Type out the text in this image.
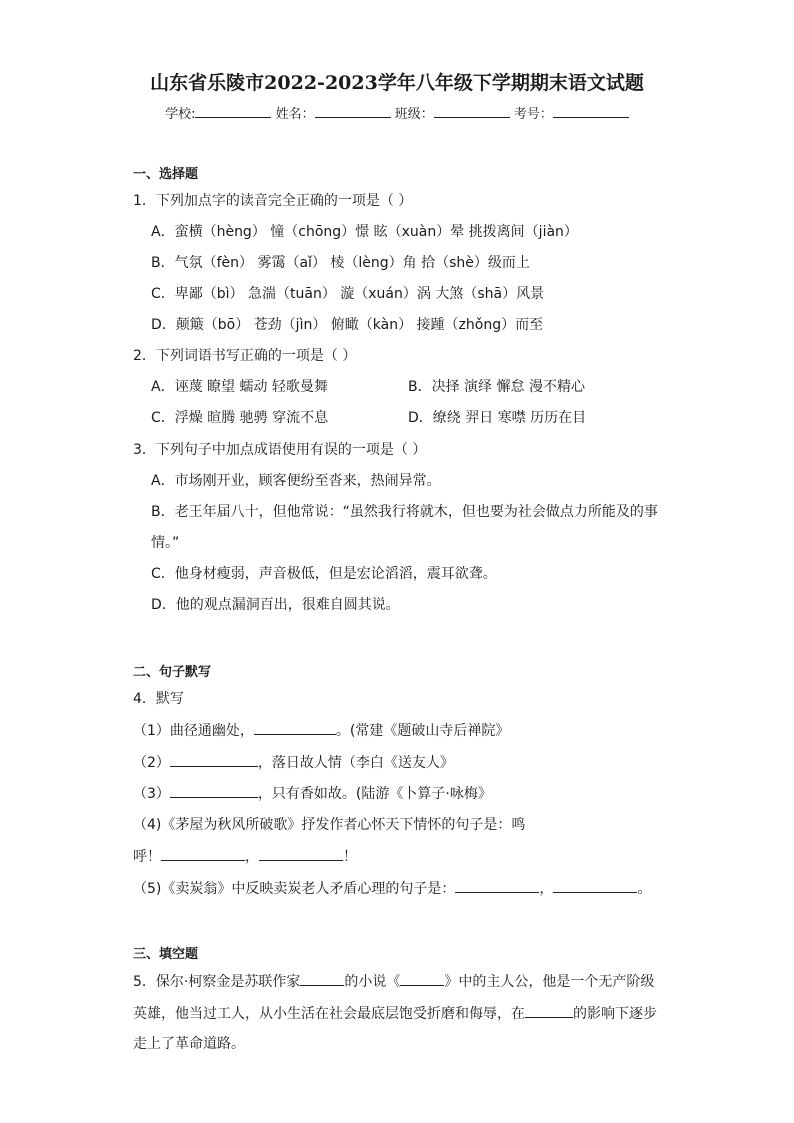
山东省乐陵市2022-2023学年八年级下学期期末语文试题
学校:	姓名：	班级：	考号：
一、选择题
1．下列加点字的读音完全正确的一项是（ ）
A．蛮横（hèng） 憧（chōng）憬 眩（xuàn）晕 挑拨离间（jiàn）
B．气氛（fèn） 雾霭（aǐ） 棱（lèng）角 拾（shè）级而上
C．卑鄙（bì） 急湍（tuān） 漩（xuán）涡 大煞（shā）风景
D．颠簸（bō） 苍劲（jìn） 俯瞰（kàn） 接踵（zhǒng）而至
2．下列词语书写正确的一项是（ ）
A．诬蔑 瞭望 蠕动 轻歌曼舞	B．决择 演绎 懈怠 漫不精心
C．浮燥 暄腾 驰骋 穿流不息	D．缭绕 羿日 寒噤 历历在目
3．下列句子中加点成语使用有误的一项是（ ）
A．市场刚开业，顾客便纷至沓来，热闹异常。
B．老王年届八十，但他常说：“虽然我行将就木，但也要为社会做点力所能及的事
情。”
C．他身材瘦弱，声音极低，但是宏论滔滔，震耳欲聋。
D．他的观点漏洞百出，很难自圆其说。
二、句子默写
4．默写
（1）曲径通幽处，	。(常建《题破山寺后禅院》
（2）	，落日故人情（李白《送友人》
（3）	，只有香如故。(陆游《卜算子·咏梅》
（4)《茅屋为秋风所破歌》抒发作者心怀天下情怀的句子是：鸣
呼！	，	！
（5)《卖炭翁》中反映卖炭老人矛盾心理的句子是：	，	。
三、填空题
5．保尔·柯察金是苏联作家	的小说《	》中的主人公，他是一个无产阶级
英雄，他当过工人，从小生活在社会最底层饱受折磨和侮辱，在	的影响下逐步
走上了革命道路。
